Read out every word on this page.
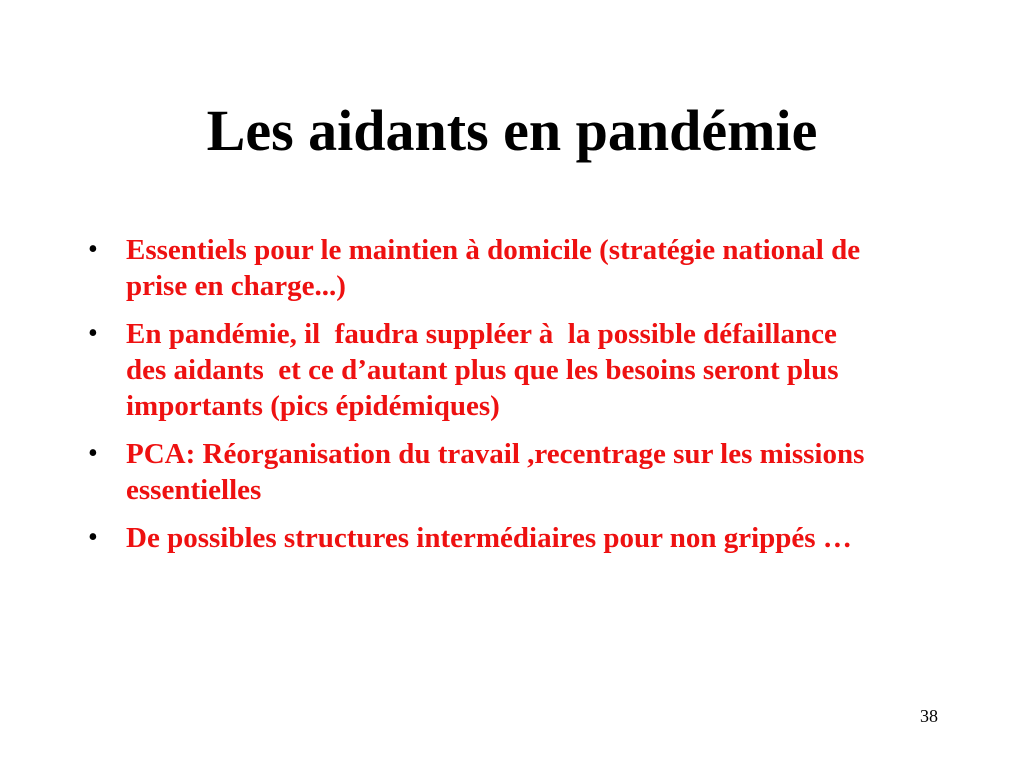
Les aidants en pandémie
• Essentiels pour le maintien à domicile (stratégie national de prise en charge...)
• En pandémie, il  faudra suppléer à  la possible défaillance des aidants  et ce d’autant plus que les besoins seront plus importants (pics épidémiques)
• PCA: Réorganisation du travail ,recentrage sur les missions essentielles
• De possibles structures intermédiaires pour non grippés …
38
